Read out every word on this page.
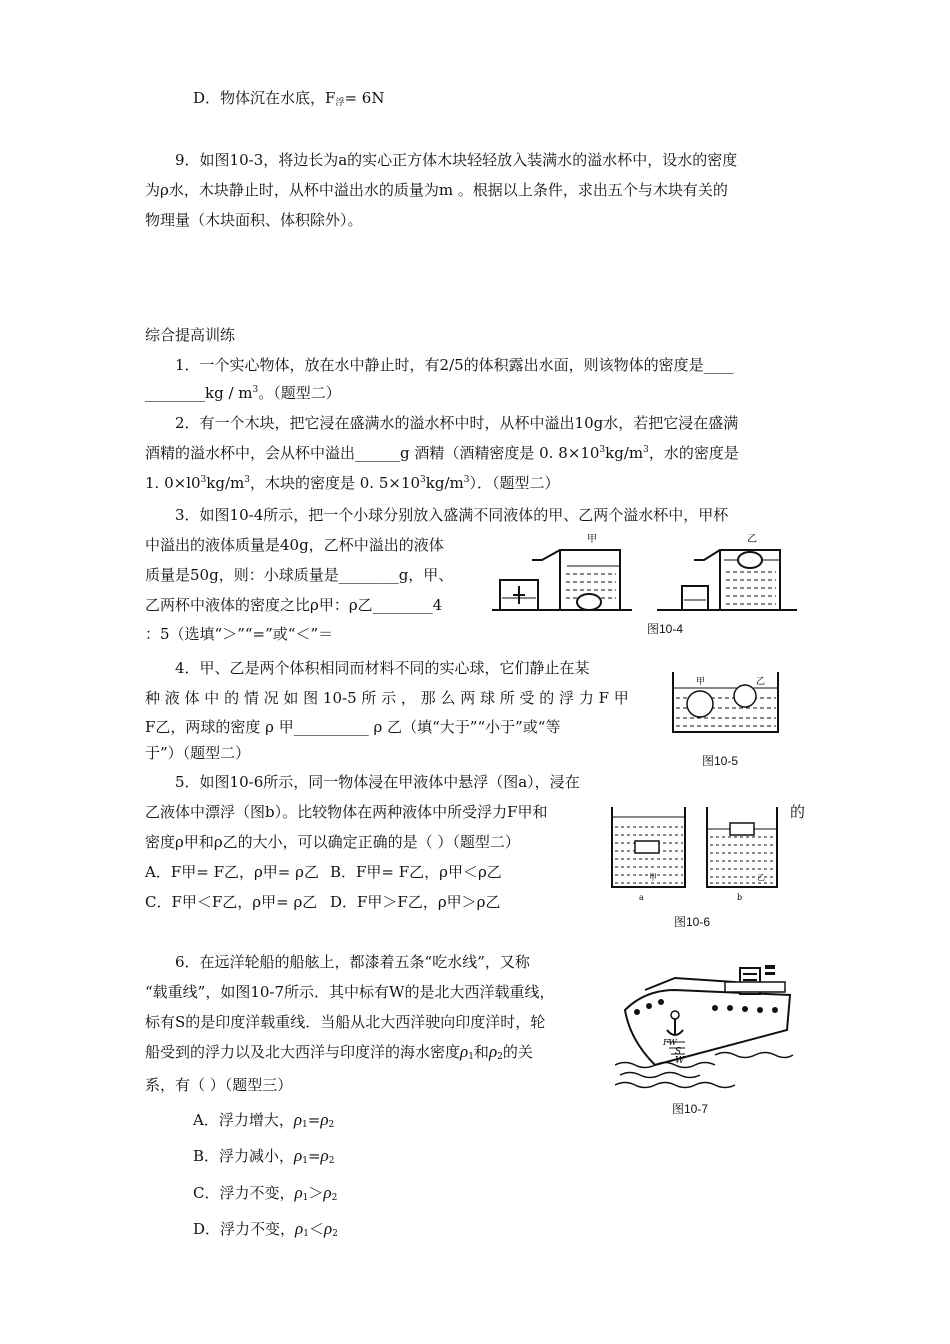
D．物体沉在水底，F浮= 6N
9．如图10-3，将边长为a的实心正方体木块轻轻放入装满水的溢水杯中，设水的密度
为ρ水，木块静止时，从杯中溢出水的质量为m 。根据以上条件，求出五个与木块有关的
物理量（木块面积、体积除外）。
综合提高训练
1．一个实心物体，放在水中静止时，有2/5的体积露出水面，则该物体的密度是____
________kg / $m^3$。（题型二）
2．有一个木块，把它浸在盛满水的溢水杯中时，从杯中溢出10g水，若把它浸在盛满
酒精的溢水杯中，会从杯中溢出______g 酒精（酒精密度是 0. $8\times 10^3kg/m^3$，水的密度是
1. $0\times l0^3kg/m^3$，木块的密度是 0. $5\times 10^3kg/m^3$）．（题型二）
3．如图10-4所示，把一个小球分别放入盛满不同液体的甲、乙两个溢水杯中，甲杯
中溢出的液体质量是40g，乙杯中溢出的液体
质量是50g，则：小球质量是________g，甲、
乙两杯中液体的密度之比ρ甲：ρ乙________4
：5（选填“＞”“=”或“＜”＝
甲	乙
图10-4
4．甲、乙是两个体积相同而材料不同的实心球，它们静止在某
种 液 体 中 的 情 况 如 图 10-5 所 示 ， 那 么 两 球 所 受 的 浮 力 F 甲
F乙，两球的密度 ρ 甲__________ ρ 乙（填“大于”“小于”或“等
于”）（题型二）
甲	乙
图10-5
5．如图10-6所示，同一物体浸在甲液体中悬浮（图a），浸在
乙液体中漂浮（图b）。比较物体在两种液体中所受浮力F甲和	的
密度ρ甲和ρ乙的大小，可以确定正确的是（ ）（题型二）
A．F甲= F乙，ρ甲= ρ乙 B．F甲= F乙，ρ甲＜ρ乙
C．F甲＜F乙，ρ甲= ρ乙 D．F甲＞F乙，ρ甲＞ρ乙
甲	乙
a	b
图10-6
6．在远洋轮船的船舷上，都漆着五条“吃水线”，又称
“载重线”，如图10-7所示．其中标有W的是北大西洋载重线，
标有S的是印度洋载重线．当船从北大西洋驶向印度洋时，轮
船受到的浮力以及北大西洋与印度洋的海水密度ρ1和ρ2的关
系，有（ ）（题型三）
A．浮力增大，ρ1=ρ2
B．浮力减小，ρ1=ρ2
C．浮力不变，ρ1＞ρ2
D．浮力不变，ρ1＜ρ2
FW
S
W
图10-7
